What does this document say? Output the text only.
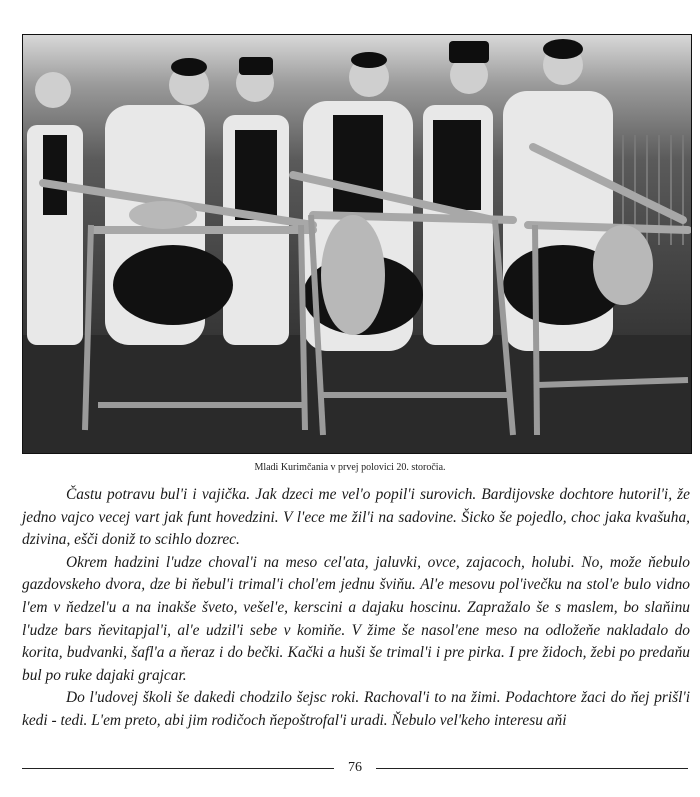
Mladi Kurimčania v prvej polovici 20. storočia.

Častu potravu bul'i i vajička. Jak dzeci me vel'o popil'i surovich. Bardijovske dochtore hutoril'i, že jedno vajco vecej vart jak funt hovedzini. V l'ece me žil'i na sadovine. Šicko še pojedlo, choc jaka kvašuha, dzivina, ešči doniž to scihlo dozrec.

Okrem hadzini l'udze choval'i na meso cel'ata, jaluvki, ovce, zajacoch, holubi. No, može ňebulo gazdovskeho dvora, dze bi ňebul'i trimal'i chol'em jednu šviňu. Al'e mesovu pol'ivečku na stol'e bulo vidno l'em v ňedzel'u a na inakše šveto, vešel'e, kerscini a dajaku hoscinu. Zapražalo še s maslem, bo slaňinu l'udze bars ňevitapjal'i, al'e udzil'i sebe v komiňe. V žime še nasol'ene meso na odložeňe nakladalo do korita, budvanki, šafl'a a ňeraz i do bečki. Kački a huši še trimal'i i pre pirka. I pre židoch, žebi po predaňu bul po ruke dajaki grajcar.

Do l'udovej školi še dakedi chodzilo šejsc roki. Rachoval'i to na žimi. Podachtore žaci do ňej prišl'i kedi - tedi. L'em preto, abi jim rodičoch ňepoštrofal'i uradi. Ňebulo vel'keho interesu aňi

76
